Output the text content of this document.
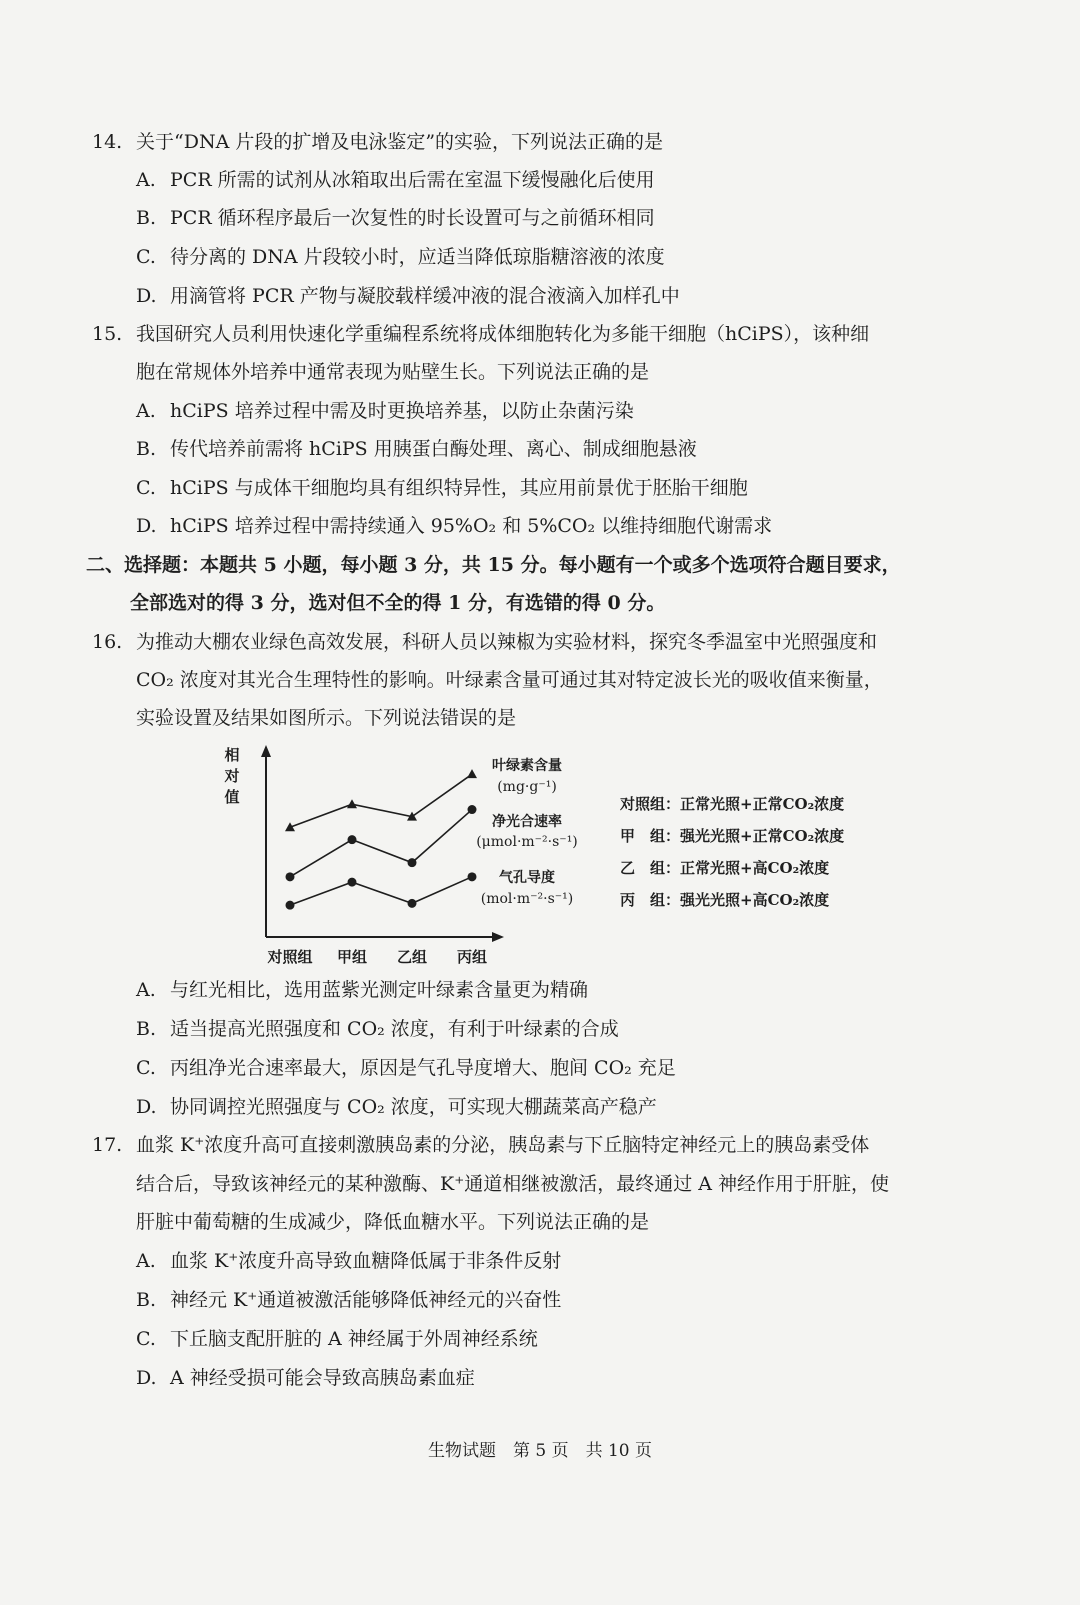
14. 关于“DNA 片段的扩增及电泳鉴定”的实验，下列说法正确的是
A. PCR 所需的试剂从冰箱取出后需在室温下缓慢融化后使用
B. PCR 循环程序最后一次复性的时长设置可与之前循环相同
C. 待分离的 DNA 片段较小时，应适当降低琼脂糖溶液的浓度
D. 用滴管将 PCR 产物与凝胶载样缓冲液的混合液滴入加样孔中
15. 我国研究人员利用快速化学重编程系统将成体细胞转化为多能干细胞（hCiPS），该种细
胞在常规体外培养中通常表现为贴壁生长。下列说法正确的是
A. hCiPS 培养过程中需及时更换培养基，以防止杂菌污染
B. 传代培养前需将 hCiPS 用胰蛋白酶处理、离心、制成细胞悬液
C. hCiPS 与成体干细胞均具有组织特异性，其应用前景优于胚胎干细胞
D. hCiPS 培养过程中需持续通入 95%O₂ 和 5%CO₂ 以维持细胞代谢需求
二、选择题：本题共 5 小题，每小题 3 分，共 15 分。每小题有一个或多个选项符合题目要求，
全部选对的得 3 分，选对但不全的得 1 分，有选错的得 0 分。
16. 为推动大棚农业绿色高效发展，科研人员以辣椒为实验材料，探究冬季温室中光照强度和
CO₂ 浓度对其光合生理特性的影响。叶绿素含量可通过其对特定波长光的吸收值来衡量，
实验设置及结果如图所示。下列说法错误的是
相
对
值
叶绿素含量
(mg·g⁻¹)
净光合速率
(μmol·m⁻²·s⁻¹)
气孔导度
(mol·m⁻²·s⁻¹)
对照组 甲组 乙组 丙组
对照组：正常光照+正常CO₂浓度
甲　组：强光光照+正常CO₂浓度
乙　组：正常光照+高CO₂浓度
丙　组：强光光照+高CO₂浓度
A. 与红光相比，选用蓝紫光测定叶绿素含量更为精确
B. 适当提高光照强度和 CO₂ 浓度，有利于叶绿素的合成
C. 丙组净光合速率最大，原因是气孔导度增大、胞间 CO₂ 充足
D. 协同调控光照强度与 CO₂ 浓度，可实现大棚蔬菜高产稳产
17. 血浆 K⁺浓度升高可直接刺激胰岛素的分泌，胰岛素与下丘脑特定神经元上的胰岛素受体
结合后，导致该神经元的某种激酶、K⁺通道相继被激活，最终通过 A 神经作用于肝脏，使
肝脏中葡萄糖的生成减少，降低血糖水平。下列说法正确的是
A. 血浆 K⁺浓度升高导致血糖降低属于非条件反射
B. 神经元 K⁺通道被激活能够降低神经元的兴奋性
C. 下丘脑支配肝脏的 A 神经属于外周神经系统
D. A 神经受损可能会导致高胰岛素血症
生物试题　第 5 页　共 10 页
